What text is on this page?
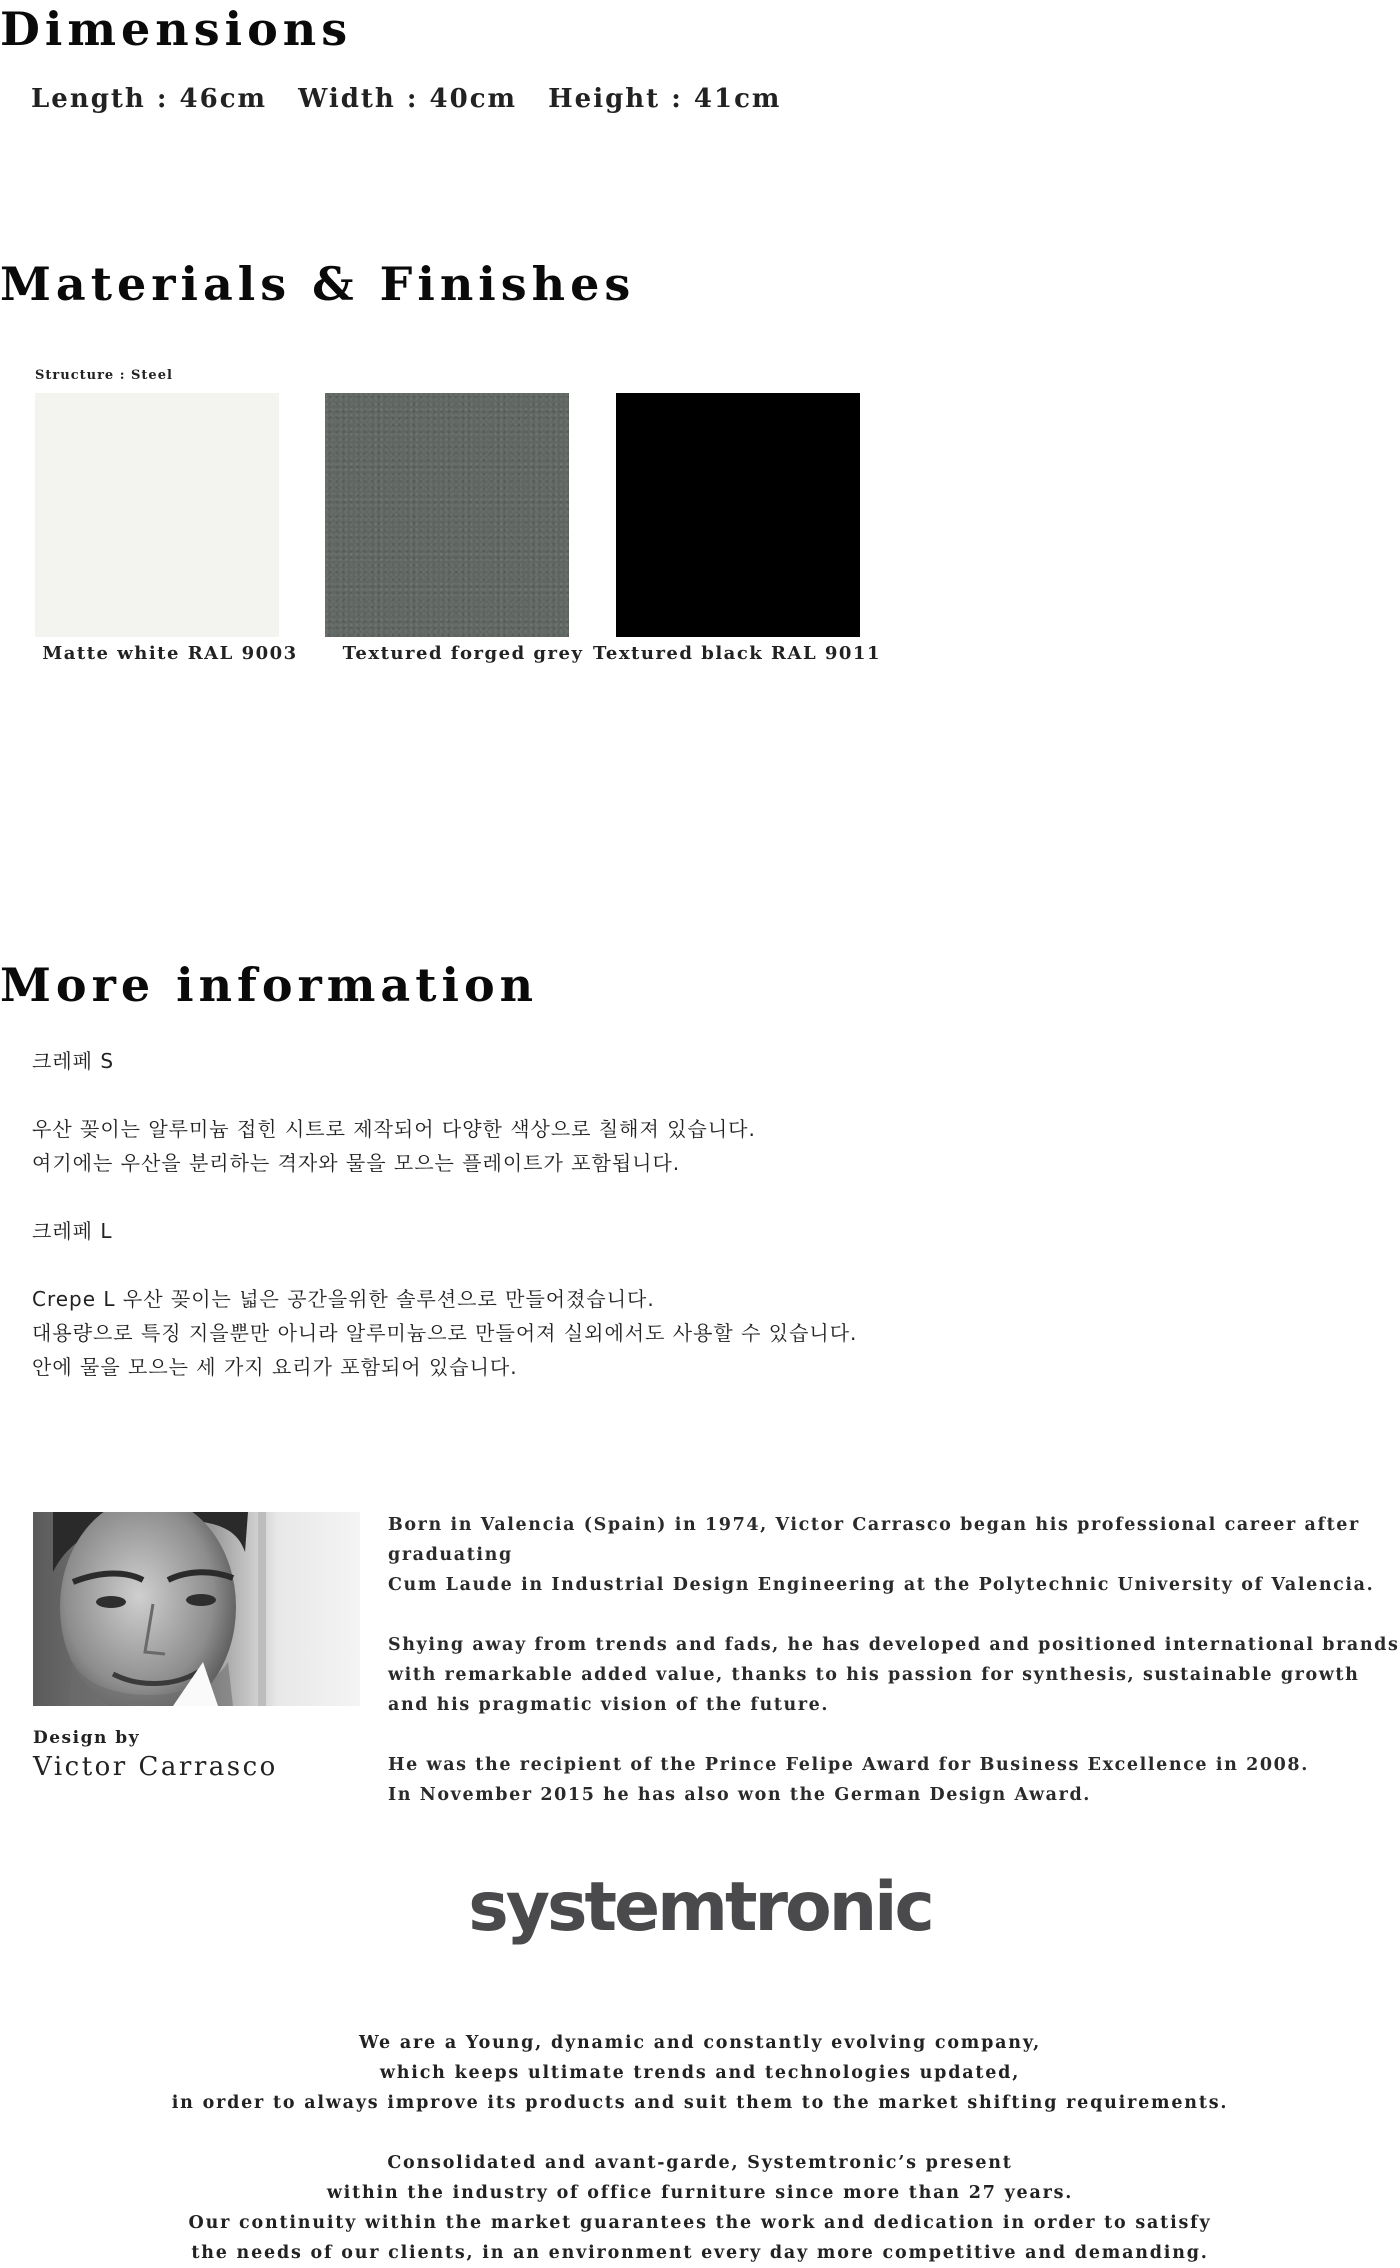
Dimensions
Length : 46cm Width : 40cm Height : 41cm
Materials & Finishes
Structure : Steel
Matte white RAL 9003	Textured forged grey Textured black RAL 9011
More information
크레페 S
우산 꽂이는 알루미늄 접힌 시트로 제작되어 다양한 색상으로 칠해져 있습니다.
여기에는 우산을 분리하는 격자와 물을 모으는 플레이트가 포함됩니다.
크레페 L
Crepe L 우산 꽂이는 넓은 공간을위한 솔루션으로 만들어졌습니다.
대용량으로 특징 지을뿐만 아니라 알루미늄으로 만들어져 실외에서도 사용할 수 있습니다.
안에 물을 모으는 세 가지 요리가 포함되어 있습니다.
Design by
Victor Carrasco
Born in Valencia (Spain) in 1974, Victor Carrasco began his professional career after graduating
Cum Laude in Industrial Design Engineering at the Polytechnic University of Valencia.
Shying away from trends and fads, he has developed and positioned international brands
with remarkable added value, thanks to his passion for synthesis, sustainable growth
and his pragmatic vision of the future.
He was the recipient of the Prince Felipe Award for Business Excellence in 2008.
In November 2015 he has also won the German Design Award.
systemtronic
We are a Young, dynamic and constantly evolving company,
which keeps ultimate trends and technologies updated,
in order to always improve its products and suit them to the market shifting requirements.
Consolidated and avant-garde, Systemtronic’s present
within the industry of office furniture since more than 27 years.
Our continuity within the market guarantees the work and dedication in order to satisfy
the needs of our clients, in an environment every day more competitive and demanding.
